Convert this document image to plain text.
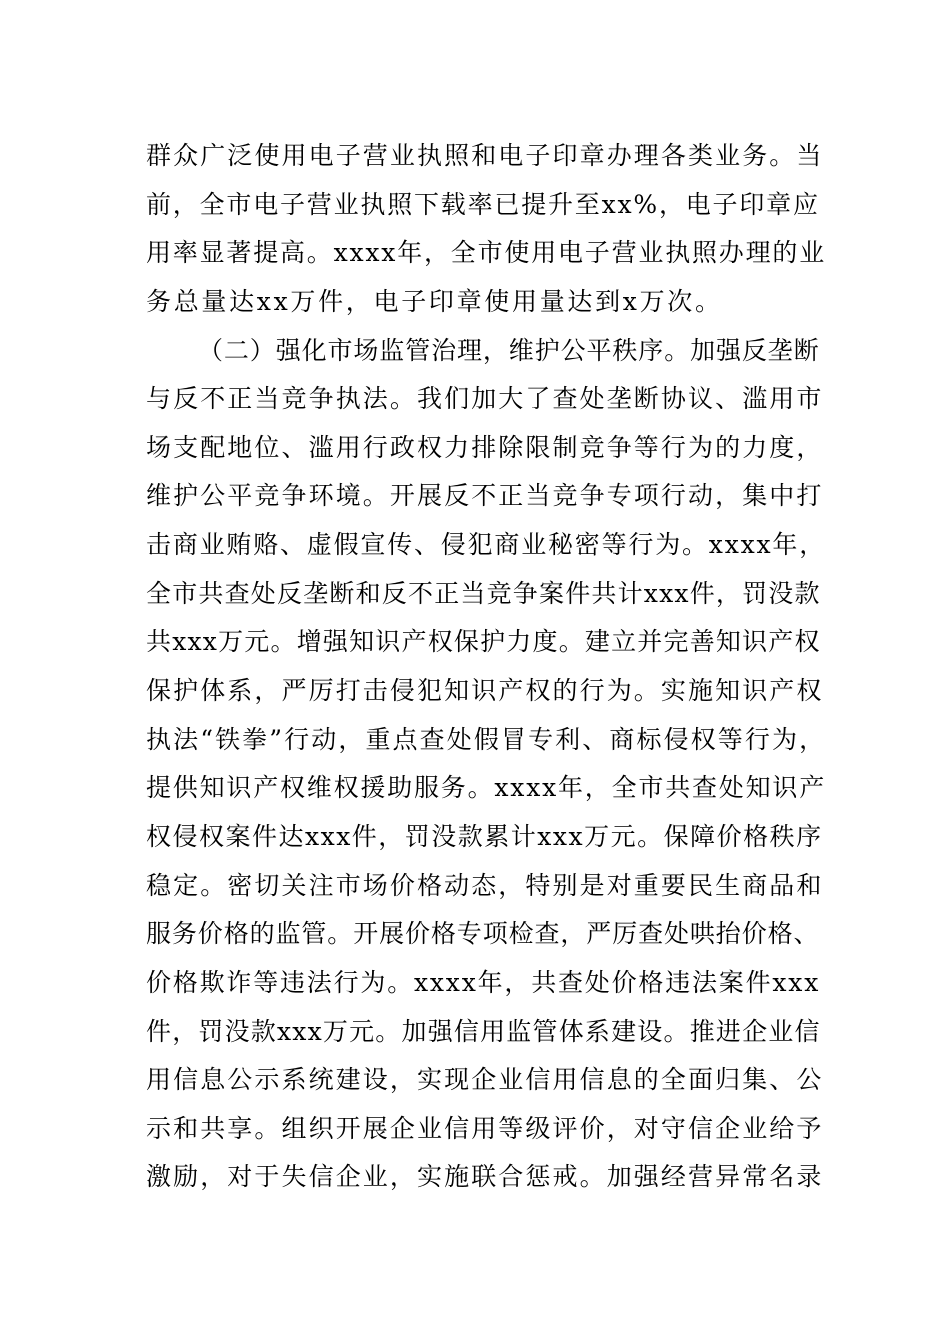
群众广泛使用电子营业执照和电子印章办理各类业务。当
前，全市电子营业执照下载率已提升至xx%，电子印章应
用率显著提高。xxxx年，全市使用电子营业执照办理的业
务总量达xx万件，电子印章使用量达到x万次。
（二）强化市场监管治理，维护公平秩序。加强反垄断
与反不正当竞争执法。我们加大了查处垄断协议、滥用市
场支配地位、滥用行政权力排除限制竞争等行为的力度，
维护公平竞争环境。开展反不正当竞争专项行动，集中打
击商业贿赂、虚假宣传、侵犯商业秘密等行为。xxxx年，
全市共查处反垄断和反不正当竞争案件共计xxx件，罚没款
共xxx万元。增强知识产权保护力度。建立并完善知识产权
保护体系，严厉打击侵犯知识产权的行为。实施知识产权
执法“铁拳”行动，重点查处假冒专利、商标侵权等行为，
提供知识产权维权援助服务。xxxx年，全市共查处知识产
权侵权案件达xxx件，罚没款累计xxx万元。保障价格秩序
稳定。密切关注市场价格动态，特别是对重要民生商品和
服务价格的监管。开展价格专项检查，严厉查处哄抬价格、
价格欺诈等违法行为。xxxx年，共查处价格违法案件xxx
件，罚没款xxx万元。加强信用监管体系建设。推进企业信
用信息公示系统建设，实现企业信用信息的全面归集、公
示和共享。组织开展企业信用等级评价，对守信企业给予
激励，对于失信企业，实施联合惩戒。加强经营异常名录
